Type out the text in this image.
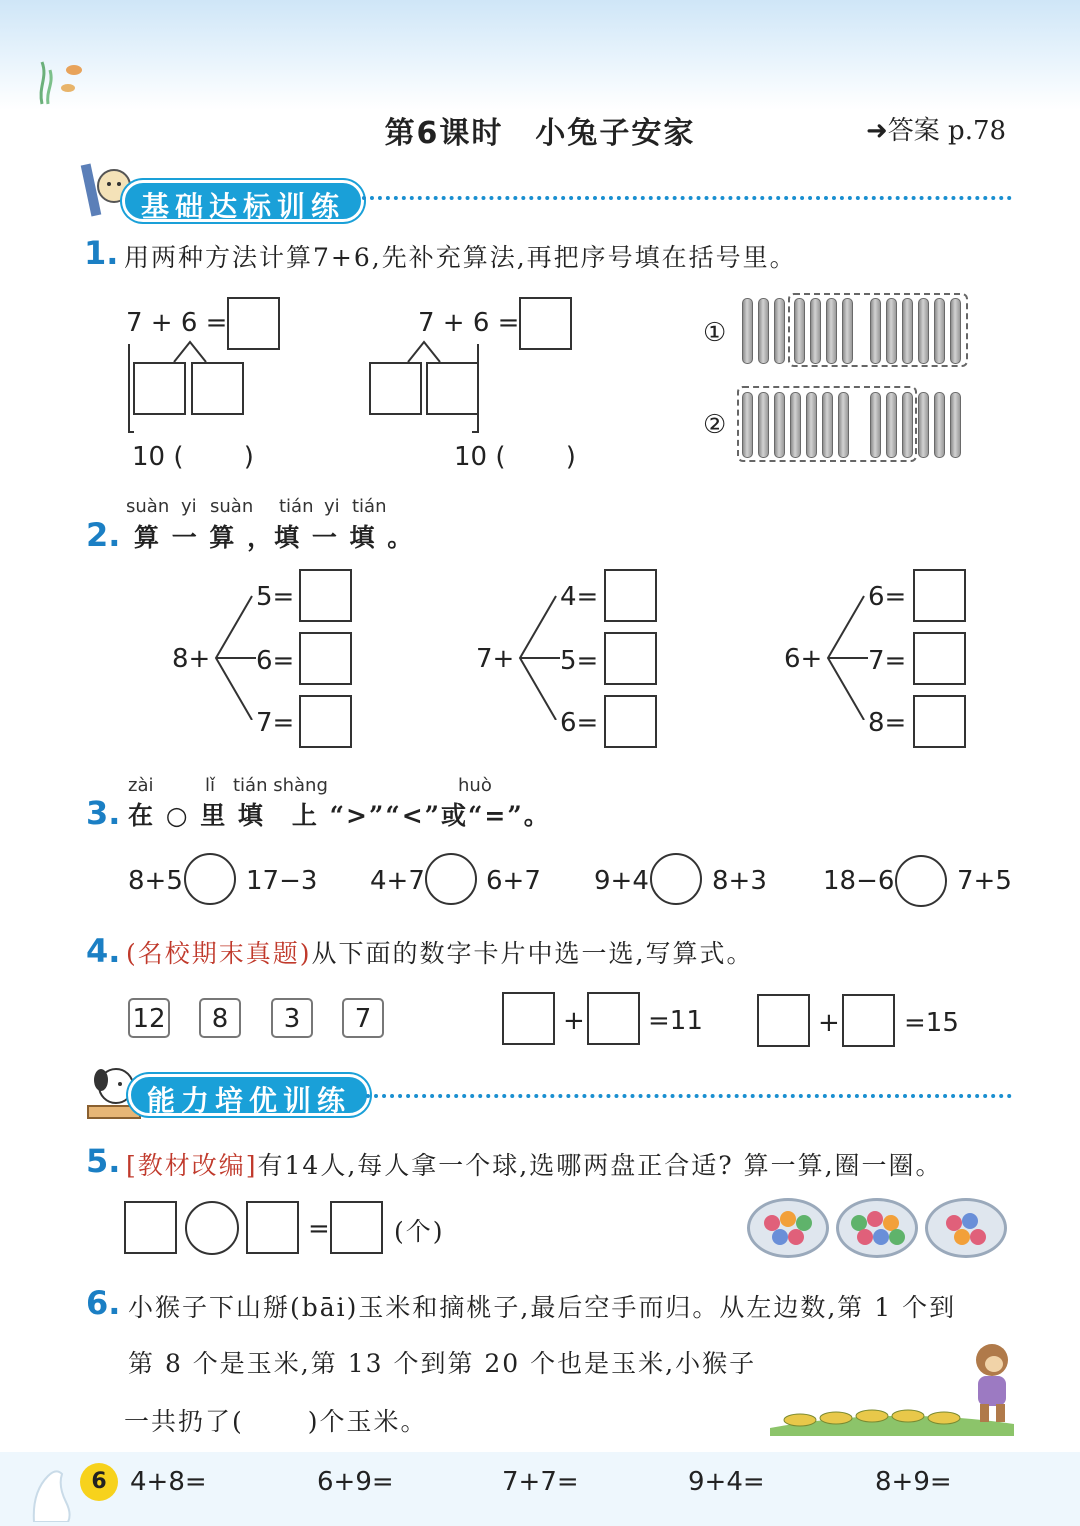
第6课时　小兔子安家	➜答案 p.78
基础达标训练
1. 用两种方法计算7+6,先补充算法,再把序号填在括号里。
7 + 6 =
10 (　　 )
7 + 6 =
10 (　　 )
①
②
suàn yi suàn tián yi tián
2. 算 一 算 ，填 一 填 。
8+
5=
6=
7=
7+
4=
5=
6=
6+
6=
7=
8=
zài	lǐ tián shàng	huò
3. 在 ○ 里 填　上 “>”“<”或“=”。
8+5 17−3 4+7 6+7 9+4 8+3 18−6 7+5
4. (名校期末真题)从下面的数字卡片中选一选,写算式。
12	8	3	7	+ =11	+ =15
能力培优训练
5. [教材改编]有14人,每人拿一个球,选哪两盘正合适? 算一算,圈一圈。
=	(个)
6. 小猴子下山掰(bāi)玉米和摘桃子,最后空手而归。从左边数,第 1 个到
第 8 个是玉米,第 13 个到第 20 个也是玉米,小猴子
一共扔了(　　 )个玉米。
6 4+8=	6+9=	7+7=	9+4=	8+9=
